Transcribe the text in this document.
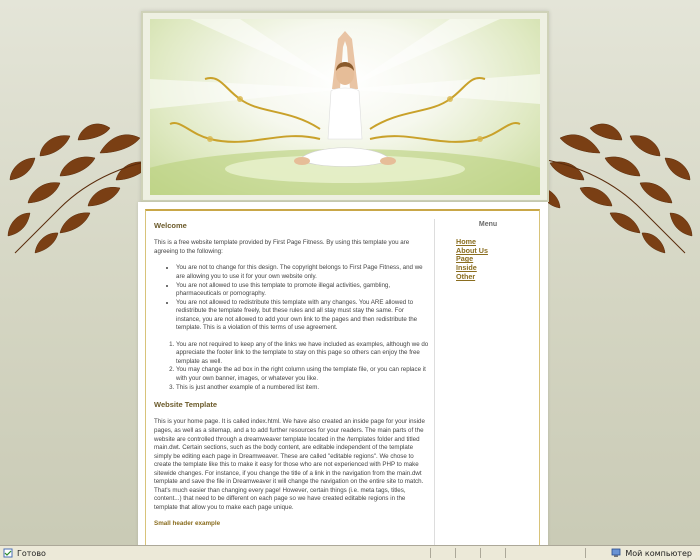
Welcome

This is a free website template provided by First Page Fitness. By using this template you are agreeing to the following:

• You are not to change for this design. The copyright belongs to First Page Fitness, and we are allowing you to use it for your own website only.
• You are not allowed to use this template to promote illegal activities, gambling, pharmaceuticals or pornography.
• You are not allowed to redistribute this template with any changes. You ARE allowed to redistribute the template freely, but these rules and all stay must stay the same. For instance, you are not allowed to add your own link to the pages and then redistribute the template. This is a violation of this terms of use agreement.
1. You are not required to keep any of the links we have included as examples, although we do appreciate the footer link to the template to stay on this page so others can enjoy the free template as well.
2. You may change the ad box in the right column using the template file, or you can replace it with your own banner, images, or whatever you like.
3. This is just another example of a numbered list item.
Website Template

This is your home page. It is called index.html. We have also created an inside page for your inside pages, as well as a sitemap, and a to add further resources for your readers. The main parts of the website are controlled through a dreamweaver template located in the /templates folder and titled main.dwt. Certain sections, such as the body content, are editable independent of the template simply be editing each page in Dreamweaver. These are called "editable regions". We chose to create the template like this to make it easy for those who are not experienced with PHP to make sitewide changes. For instance, if you change the title of a link in the navigation from the main.dwt template and save the file in Dreamweaver it will change the navigation on the entire site to match. That's much easier than changing every page! However, certain things (i.e. meta tags, titles, content...) that need to be different on each page so we have created editable regions in the template that allow you to make each page unique.

Small header example
Menu
Home
About Us
Page
Inside
Other
Готово	Мой компьютер
